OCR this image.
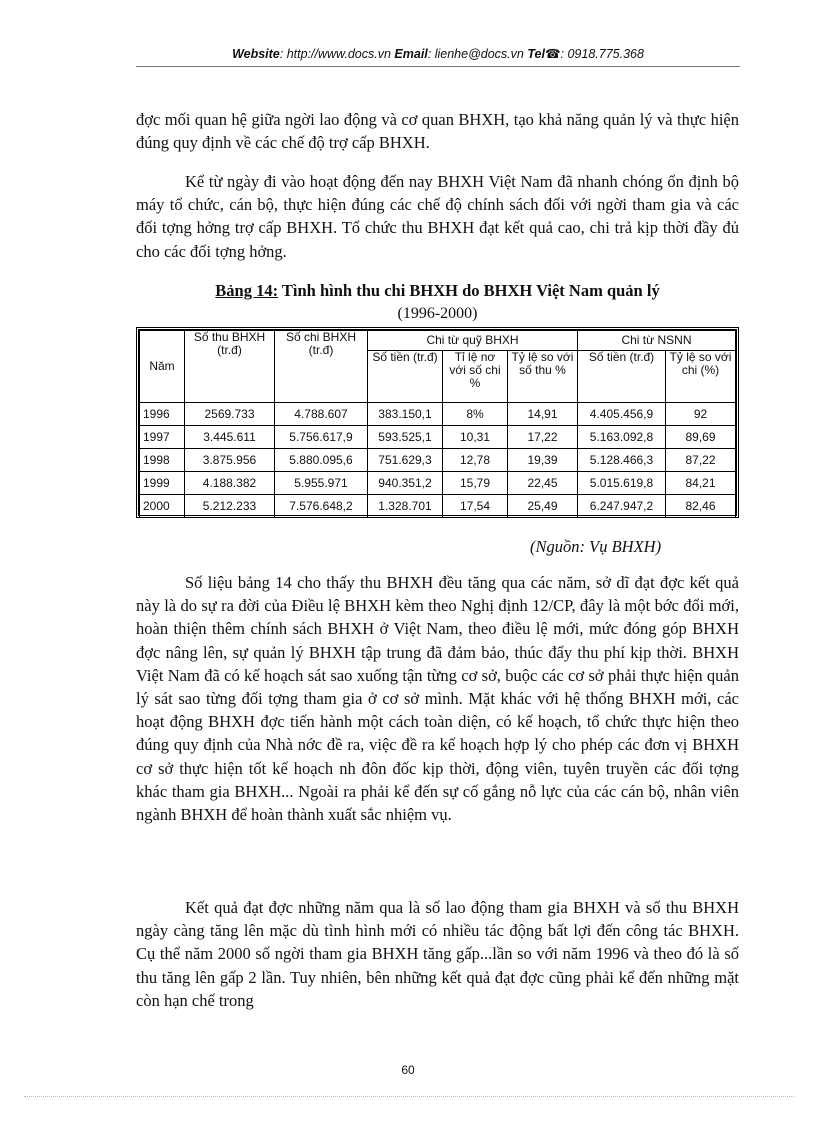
Website: http://www.docs.vn Email: lienhe@docs.vn Tel☎: 0918.775.368

đợc mối quan hệ giữa ngời lao động và cơ quan BHXH, tạo khả năng quản lý và thực hiện đúng quy định về các chế độ trợ cấp BHXH.

Kể từ ngày đi vào hoạt động đến nay BHXH Việt Nam đã nhanh chóng ổn định bộ máy tổ chức, cán bộ, thực hiện đúng các chế độ chính sách đối với ngời tham gia và các đối tợng hởng trợ cấp BHXH. Tổ chức thu BHXH đạt kết quả cao, chi trả kịp thời đầy đủ cho các đối tợng hởng.

Bảng 14: Tình hình thu chi BHXH do BHXH Việt Nam quản lý
(1996-2000)
Năm	Số thu BHXH (tr.đ)	Số chi BHXH (tr.đ)	Chi từ quỹ BHXH			Chi từ NSNN	
			Số tiền (tr.đ)	Tỉ lệ nơ với số chi %	Tỷ lệ so với số thu %	Số tiền (tr.đ)	Tỷ lệ so với chi (%)
1996	2569.733	4.788.607	383.150,1	8%	14,91	4.405.456,9	92
1997	3.445.611	5.756.617,9	593.525,1	10,31	17,22	5.163.092,8	89,69
1998	3.875.956	5.880.095,6	751.629,3	12,78	19,39	5.128.466,3	87,22
1999	4.188.382	5.955.971	940.351,2	15,79	22,45	5.015.619,8	84,21
2000	5.212.233	7.576.648,2	1.328.701	17,54	25,49	6.247.947,2	82,46
(Nguồn: Vụ BHXH)

Số liệu bảng 14 cho thấy thu BHXH đều tăng qua các năm, sở dĩ đạt đợc kết quả này là do sự ra đời của Điều lệ BHXH kèm theo Nghị định 12/CP, đây là một bớc đổi mới, hoàn thiện thêm chính sách BHXH ở Việt Nam, theo điều lệ mới, mức đóng góp BHXH đợc nâng lên, sự quản lý BHXH tập trung đã đảm bảo, thúc đẩy thu phí kịp thời. BHXH Việt Nam đã có kế hoạch sát sao xuống tận từng cơ sở, buộc các cơ sở phải thực hiện quản lý sát sao từng đối tợng tham gia ở cơ sở mình. Mặt khác với hệ thống BHXH mới, các hoạt động BHXH đợc tiến hành một cách toàn diện, có kế hoạch, tổ chức thực hiện theo đúng quy định của Nhà nớc đề ra, việc đề ra kế hoạch hợp lý cho phép các đơn vị BHXH cơ sở thực hiện tốt kế hoạch nh đôn đốc kịp thời, động viên, tuyên truyền các đối tợng khác tham gia BHXH... Ngoài ra phải kể đến sự cố gắng nỗ lực của các cán bộ, nhân viên ngành BHXH để hoàn thành xuất sắc nhiệm vụ.

Kết quả đạt đợc những năm qua là số lao động tham gia BHXH và số thu BHXH ngày càng tăng lên mặc dù tình hình mới có nhiều tác động bất lợi đến công tác BHXH. Cụ thể năm 2000 số ngời tham gia BHXH tăng gấp...lần so với năm 1996 và theo đó là số thu tăng lên gấp 2 lần. Tuy nhiên, bên những kết quả đạt đợc cũng phải kể đến những mặt còn hạn chế trong

60
